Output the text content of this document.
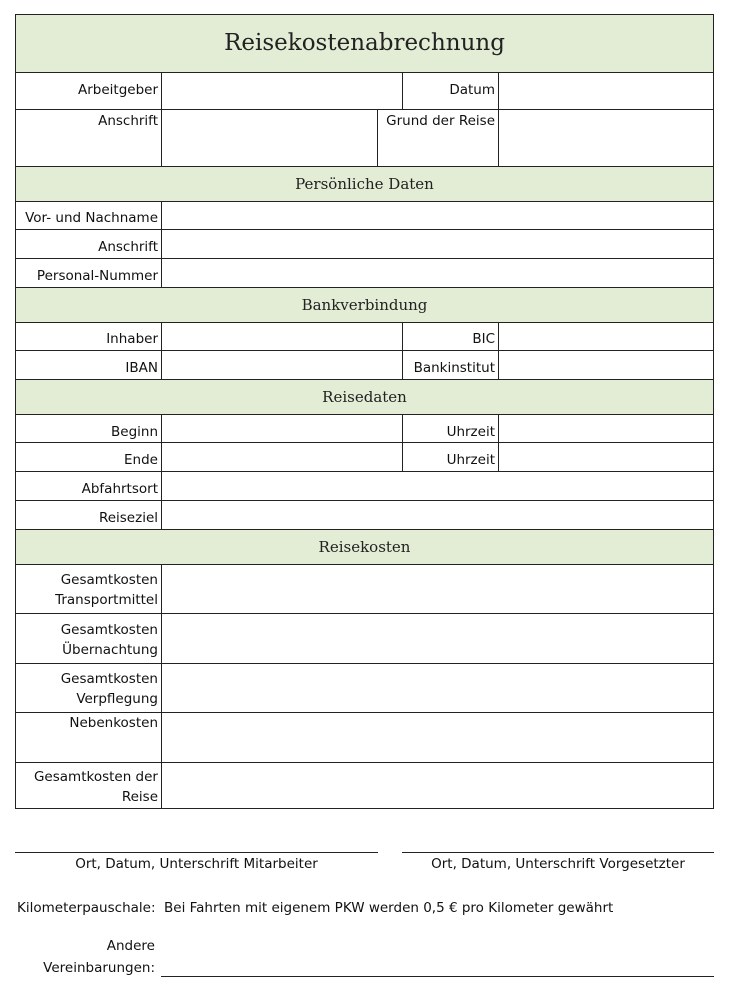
Reisekostenabrechnung
Arbeitgeber	Datum
Anschrift	Grund der Reise
Persönliche Daten
Vor- und Nachname
Anschrift
Personal-Nummer
Bankverbindung
Inhaber	BIC
IBAN	Bankinstitut
Reisedaten
Beginn	Uhrzeit
Ende	Uhrzeit
Abfahrtsort
Reiseziel
Reisekosten
Gesamtkosten
Transportmittel
Gesamtkosten
Übernachtung
Gesamtkosten
Verpflegung
Nebenkosten
Gesamtkosten der
Reise
Ort, Datum, Unterschrift Mitarbeiter	Ort, Datum, Unterschrift Vorgesetzter
Kilometerpauschale: Bei Fahrten mit eigenem PKW werden 0,5 € pro Kilometer gewährt
Andere
Vereinbarungen:
